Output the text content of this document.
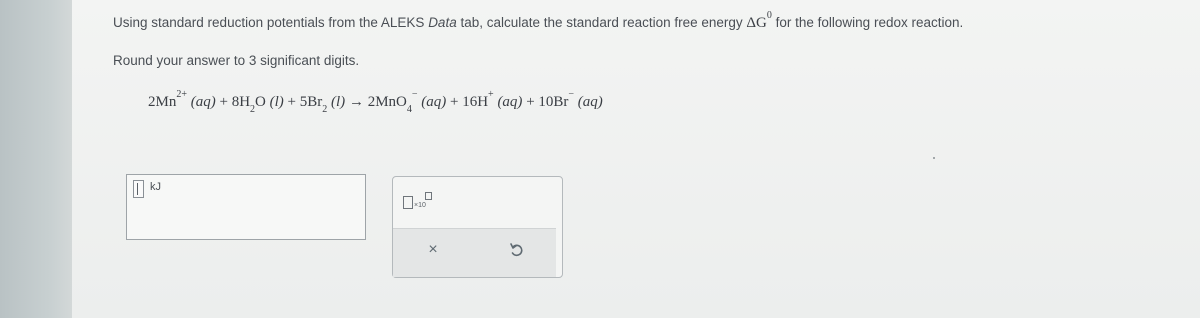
Using standard reduction potentials from the ALEKS Data tab, calculate the standard reaction free energy $\Delta G^0$ for the following redox reaction.
Round your answer to 3 significant digits.
$2Mn^{2+}$ $(aq) + 8H_2O$ $(l) + 5Br_2$ (l) → 2MnO$_4$− (aq) + 16H+ (aq) + 10Br− (aq)
kJ
×10
×
